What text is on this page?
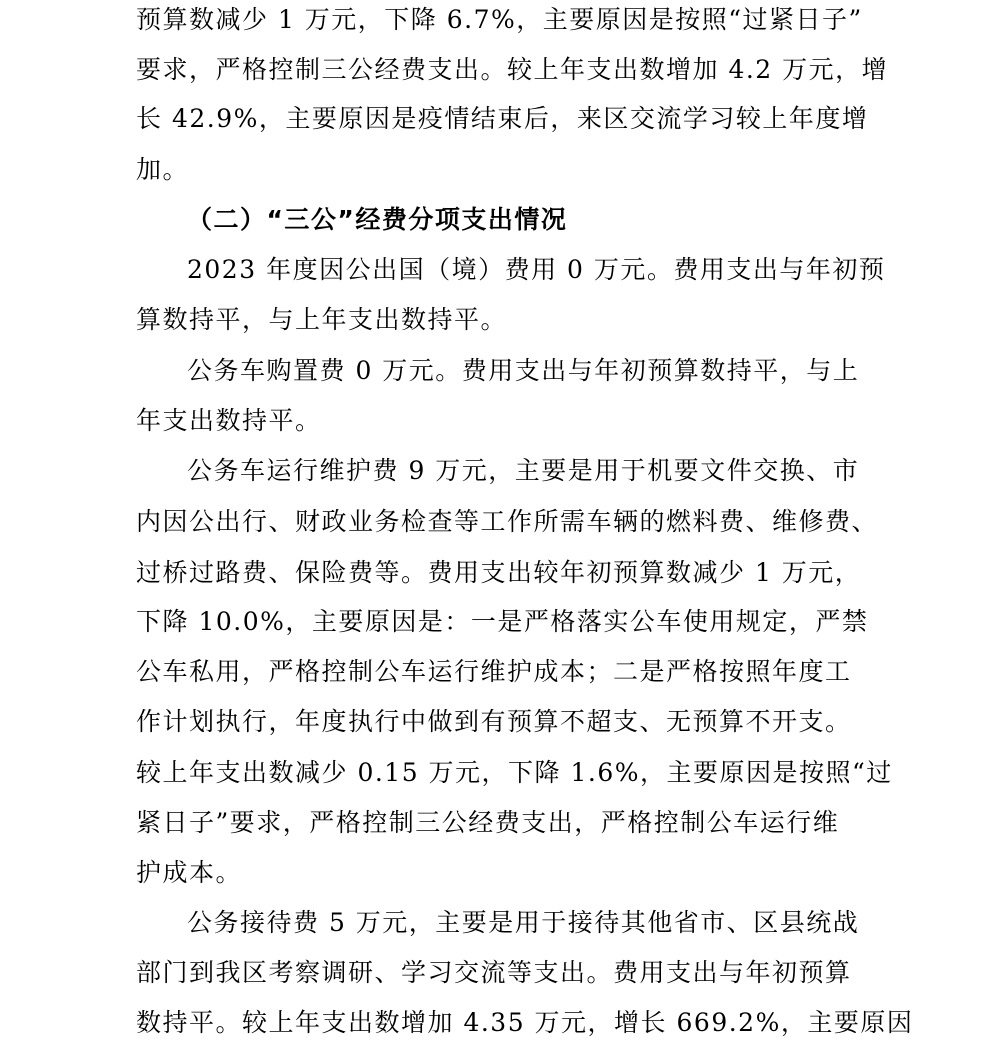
预算数减少 1 万元，下降 6.7%，主要原因是按照“过紧日子”
要求，严格控制三公经费支出。较上年支出数增加 4.2 万元，增
长 42.9%，主要原因是疫情结束后，来区交流学习较上年度增
加。
（二）“三公”经费分项支出情况
2023 年度因公出国（境）费用 0 万元。费用支出与年初预
算数持平，与上年支出数持平。
公务车购置费 0 万元。费用支出与年初预算数持平，与上
年支出数持平。
公务车运行维护费 9 万元，主要是用于机要文件交换、市
内因公出行、财政业务检查等工作所需车辆的燃料费、维修费、
过桥过路费、保险费等。费用支出较年初预算数减少 1 万元，
下降 10.0%，主要原因是：一是严格落实公车使用规定，严禁
公车私用，严格控制公车运行维护成本；二是严格按照年度工
作计划执行，年度执行中做到有预算不超支、无预算不开支。
较上年支出数减少 0.15 万元，下降 1.6%，主要原因是按照“过
紧日子”要求，严格控制三公经费支出，严格控制公车运行维
护成本。
公务接待费 5 万元，主要是用于接待其他省市、区县统战
部门到我区考察调研、学习交流等支出。费用支出与年初预算
数持平。较上年支出数增加 4.35 万元，增长 669.2%，主要原因
